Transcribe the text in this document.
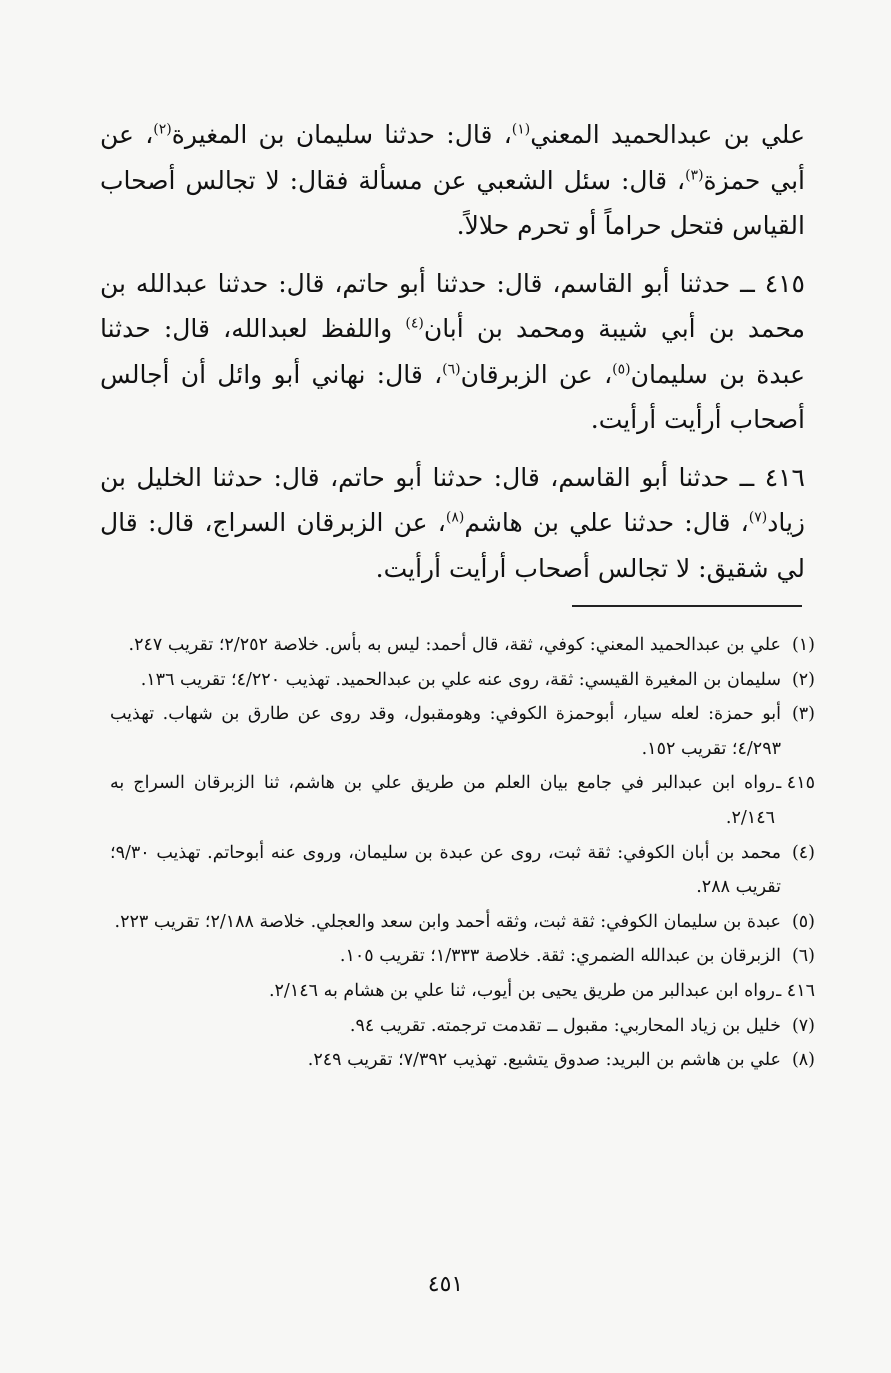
علي بن عبدالحميد المعني$^{(١)}$، قال: حدثنا سليمان بن المغيرة$^{(٢)}$، عن أبي حمزة$^{(٣)}$، قال: سئل الشعبي عن مسألة فقال: لا تجالس أصحاب القياس فتحل حراماً أو تحرم حلالاً.

٤١٥ ــ حدثنا أبو القاسم، قال: حدثنا أبو حاتم، قال: حدثنا عبدالله بن محمد بن أبي شيبة ومحمد بن أبان$^{(٤)}$ واللفظ لعبدالله، قال: حدثنا عبدة بن سليمان$^{(٥)}$، عن الزبرقان$^{(٦)}$، قال: نهاني أبو وائل أن أجالس أصحاب أرأيت أرأيت.

٤١٦ ــ حدثنا أبو القاسم، قال: حدثنا أبو حاتم، قال: حدثنا الخليل بن زياد$^{(٧)}$، قال: حدثنا علي بن هاشم$^{(٨)}$، عن الزبرقان السراج، قال: قال لي شقيق: لا تجالس أصحاب أرأيت أرأيت.

(١)
علي بن عبدالحميد المعني: كوفي، ثقة، قال أحمد: ليس به بأس. خلاصة ٢/٢٥٢؛ تقريب ٢٤٧.
(٢)
سليمان بن المغيرة القيسي: ثقة، روى عنه علي بن عبدالحميد. تهذيب ٤/٢٢٠؛ تقريب ١٣٦.
(٣)
أبو حمزة: لعله سيار، أبوحمزة الكوفي: وهومقبول، وقد روى عن طارق بن شهاب. تهذيب ٤/٢٩٣؛ تقريب ١٥٢.
٤١٥ ـ
رواه ابن عبدالبر في جامع بيان العلم من طريق علي بن هاشم، ثنا الزبرقان السراج به ٢/١٤٦.
(٤)
محمد بن أبان الكوفي: ثقة ثبت، روى عن عبدة بن سليمان، وروى عنه أبوحاتم. تهذيب ٩/٣٠؛ تقريب ٢٨٨.
(٥)
عبدة بن سليمان الكوفي: ثقة ثبت، وثقه أحمد وابن سعد والعجلي. خلاصة ٢/١٨٨؛ تقريب ٢٢٣.
(٦)
الزبرقان بن عبدالله الضمري: ثقة. خلاصة ١/٣٣٣؛ تقريب ١٠٥.
٤١٦ ـ
رواه ابن عبدالبر من طريق يحيى بن أيوب، ثنا علي بن هشام به ٢/١٤٦.
(٧)
خليل بن زياد المحاربي: مقبول ــ تقدمت ترجمته. تقريب ٩٤.
(٨)
علي بن هاشم بن البريد: صدوق يتشيع. تهذيب ٧/٣٩٢؛ تقريب ٢٤٩.
٤٥١
